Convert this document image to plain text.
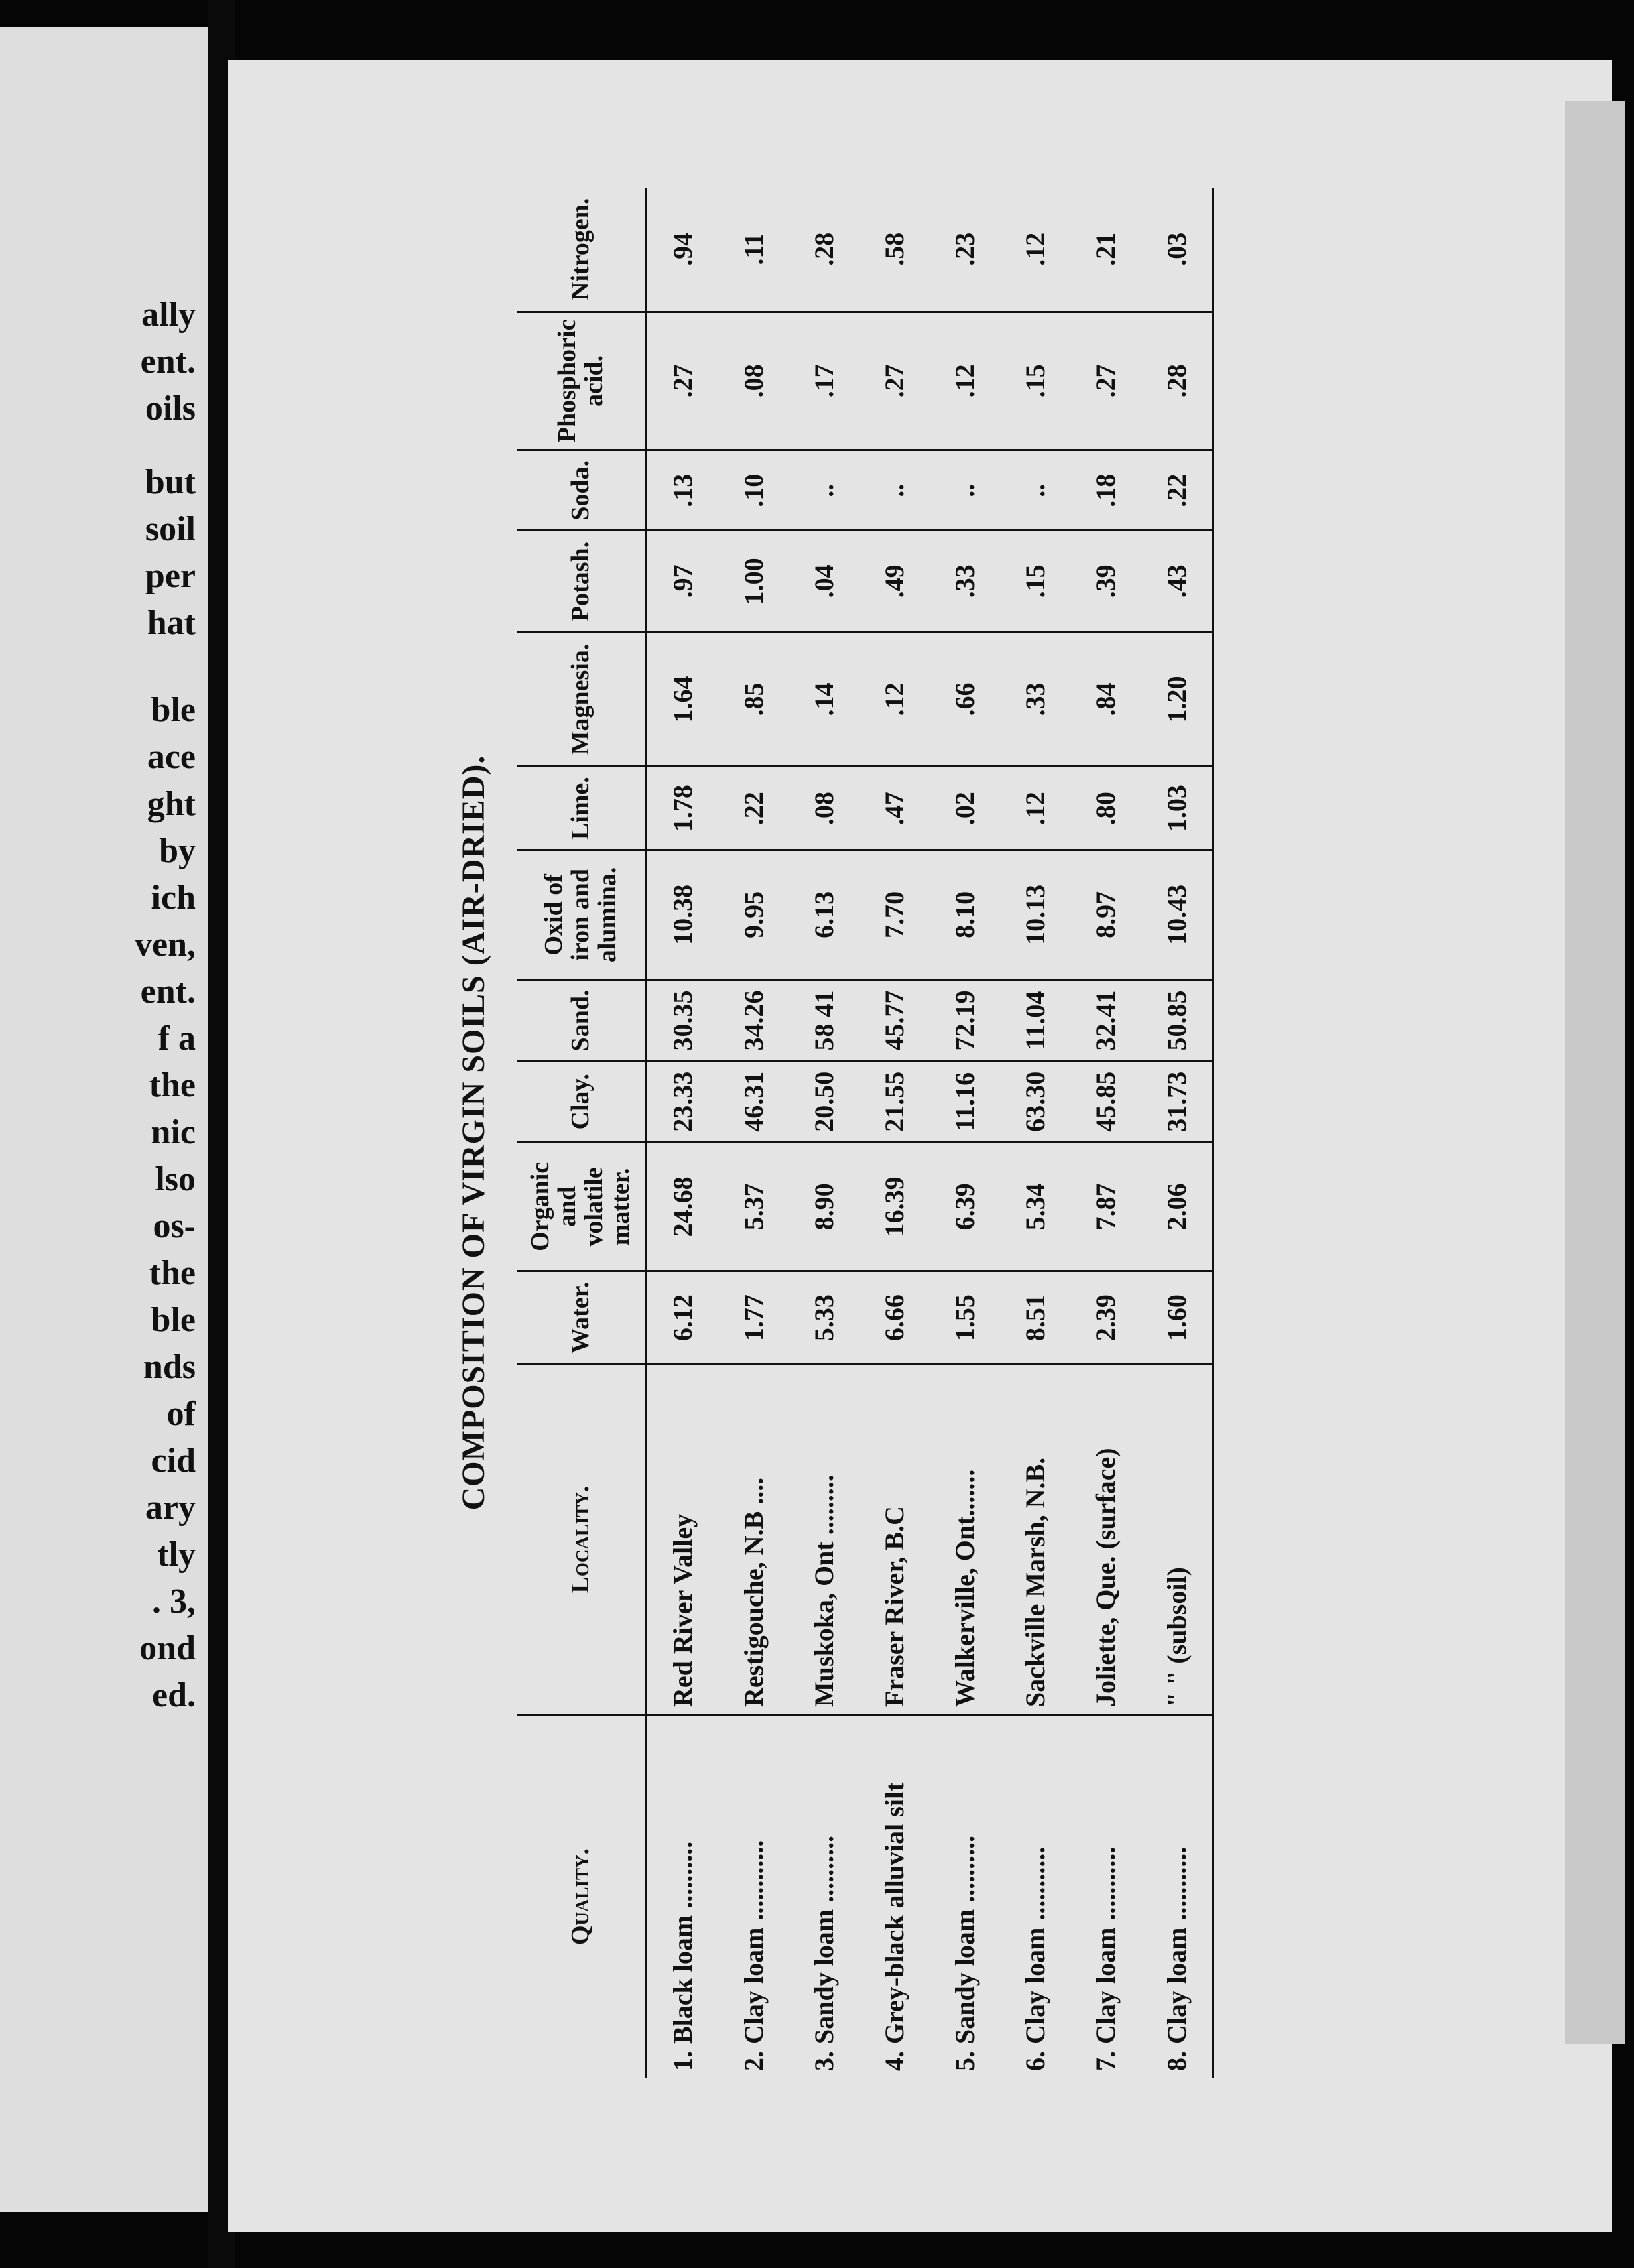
ally
ent.
oils
but
soil
per
hat
ble
ace
ght
by
ich
ven,
ent.
f a
the
nic
lso
os-
the
ble
nds
of
cid
ary
tly
. 3,
ond
ed.
COMPOSITION OF VIRGIN SOILS (AIR-DRIED).
Quality.	Locality.	Water.	Organic and volatile matter.	Clay.	Sand.	Oxid of iron and alumina.	Lime.	Magnesia.	Potash.	Soda.	Phosphoric acid.	Nitrogen.
1. Black loam ..........	Red River Valley	6.12	24.68	23.33	30.35	10.38	1.78	1.64	.97	.13	.27	.94
2. Clay loam ............	Restigouche, N.B ....	1.77	5.37	46.31	34.26	9.95	.22	.85	1.00	.10	.08	.11
3. Sandy loam ..........	Muskoka, Ont .........	5.33	8.90	20.50	58 41	6.13	.08	.14	.04	..	.17	.28
4. Grey-black alluvial silt	Fraser River, B.C	6.66	16.39	21.55	45.77	7.70	.47	.12	.49	..	.27	.58
5. Sandy loam ..........	Walkerville, Ont.......	1.55	6.39	11.16	72.19	8.10	.02	.66	.33	..	.12	.23
6. Clay loam ...........	Sackville Marsh, N.B.	8.51	5.34	63.30	11.04	10.13	.12	.33	.15	..	.15	.12
7. Clay loam ...........	Joliette, Que. (surface)	2.39	7.87	45.85	32.41	8.97	.80	.84	.39	.18	.27	.21
8. Clay loam ...........	" " (subsoil)	1.60	2.06	31.73	50.85	10.43	1.03	1.20	.43	.22	.28	.03
